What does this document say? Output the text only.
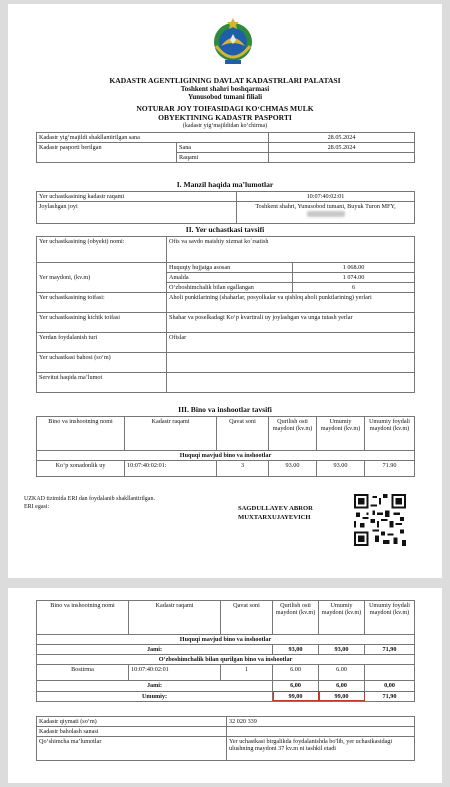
KADASTR AGENTLIGINING DAVLAT KADASTRLARI PALATASI
Toshkent shahri boshqarmasi
Yunusobod tumani filiali
NOTURAR JOY TOIFASIDAGI KO‘CHMAS MULK
OBYEKTINING KADASTR PASPORTI
(kadastr yig‘majildidan ko‘chirma)
Kadastr yig‘majildi shakllantirilgan sana		28.05.2024
Kadastr pasporti berilgan	Sana	28.05.2024
	Raqami	
I. Manzil haqida ma’lumotlar
Yer uchastkasining kadastr raqami	10:07:40:02:01
Joylashgan joyi	Toshkent shahri, Yunusobod tumani, Buyuk Turon MFY,
II. Yer uchastkasi tavsifi
Yer uchastkasining (obyekt) nomi:	Ofis va savdo maishiy xizmat ko`rsatish	
Yer maydoni, (kv.m)	Huquqiy hujjatga asosan	1 068.00
	Amalda	1 074.00
	O‘zboshimchalik bilan egallangan	6
Yer uchastkasining toifasi:	Aholi punktlarining (shaharlar, posyolkalar va qishloq aholi punktlarining) yerlari	
Yer uchastkasining kichik toifasi	Shahar va poselkadagi Ko‘p kvartirali uy joylashgan va unga tutash yerlar	
Yerdan foydalanish turi	Ofislar	
Yer uchastkasi bahosi (so‘m)		
Servitut haqida ma’lumot		
III. Bino va inshootlar tavsifi
Bino va inshootning nomi	Kadastr raqami	Qavat soni	Qurilish osti maydoni (kv.m)	Umumiy maydoni (kv.m)	Umumiy foydali maydoni (kv.m)
Huquqi mavjud bino va inshootlar					
Ko‘p xonadonlik uy	10:07:40:02:01:	3	93.00	93.00	71.90
UZKAD tizimida ERI dan foydalanib shakllantirilgan.
ERI egasi:	SAGDULLAYEV ABROR
MUXTARXUJAYEVICH
Bino va inshootning nomi	Kadastr raqami	Qavat soni	Qurilish osti maydoni (kv.m)	Umumiy maydoni (kv.m)	Umumiy foydali maydoni (kv.m)
Huquqi mavjud bino va inshootlar					
Jami:			93,00	93,00	71,90
O‘zboshimchalik bilan qurilgan bino va inshootlar					
Bostirma	10:07:40:02:01	1	6.00	6.00	
Jami:			6,00	6,00	0,00
Umumiy:			99,00	99,00	71,90
Kadastr qiymati (so‘m)	32 020 339
Kadastr baholash sanasi	
Qo‘shimcha ma’lumotlar	Yer uchastkasi birgalikda foydalanishda bo'lib, yer uchastkasidagi ulushning maydoni 37 kv.m ni tashkil etadi
